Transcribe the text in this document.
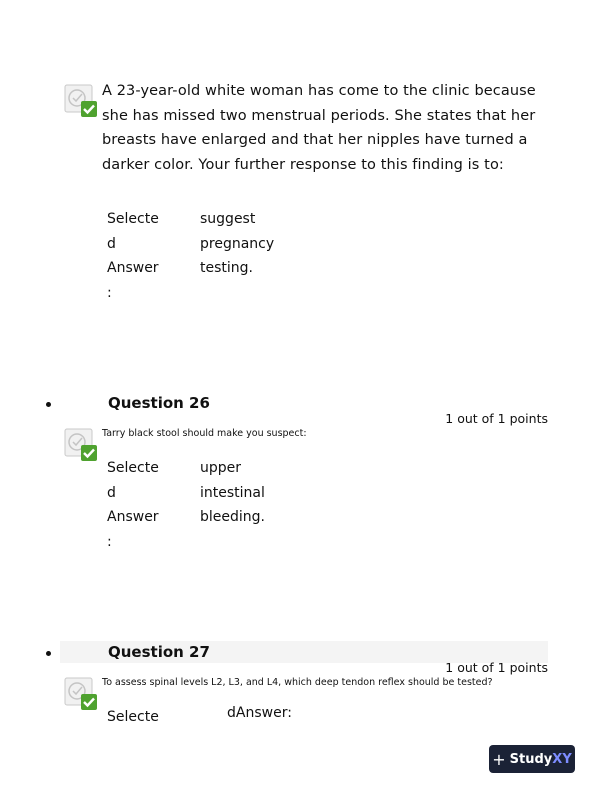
A 23-year-old white woman has come to the clinic because
she has missed two menstrual periods. She states that her
breasts have enlarged and that her nipples have turned a
darker color. Your further response to this finding is to:
Selecte
d
Answer
:
suggest
pregnancy
testing.
Question 26
1 out of 1 points
Tarry black stool should make you suspect:
Selecte
d
Answer
:
upper
intestinal
bleeding.
Question 27
1 out of 1 points
To assess spinal levels L2, L3, and L4, which deep tendon reflex should be tested?
Selecte	dAnswer:
+ Study XY
